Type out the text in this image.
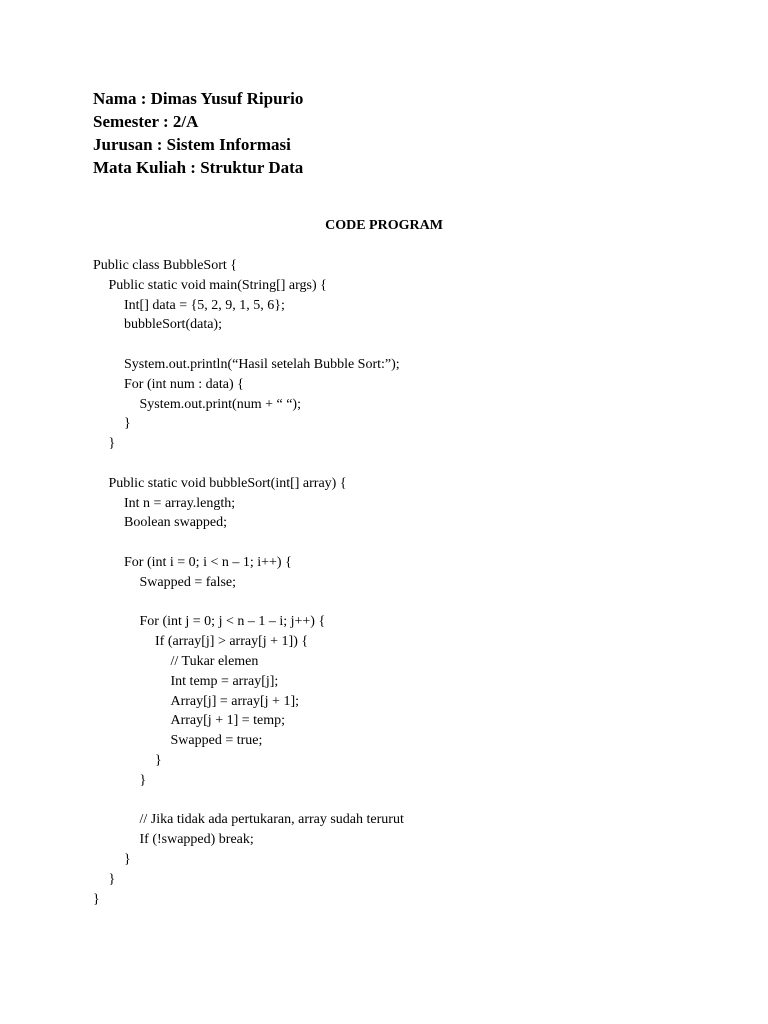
Nama : Dimas Yusuf Ripurio
Semester : 2/A
Jurusan : Sistem Informasi
Mata Kuliah : Struktur Data
CODE PROGRAM
Public class BubbleSort {
Public static void main(String[] args) {
Int[] data = {5, 2, 9, 1, 5, 6};
bubbleSort(data);
System.out.println(“Hasil setelah Bubble Sort:”);
For (int num : data) {
System.out.print(num + “ “);
}
}
Public static void bubbleSort(int[] array) {
Int n = array.length;
Boolean swapped;
For (int i = 0; i < n – 1; i++) {
Swapped = false;
For (int j = 0; j < n – 1 – i; j++) {
If (array[j] > array[j + 1]) {
// Tukar elemen
Int temp = array[j];
Array[j] = array[j + 1];
Array[j + 1] = temp;
Swapped = true;
}
}
// Jika tidak ada pertukaran, array sudah terurut
If (!swapped) break;
}
}
}
